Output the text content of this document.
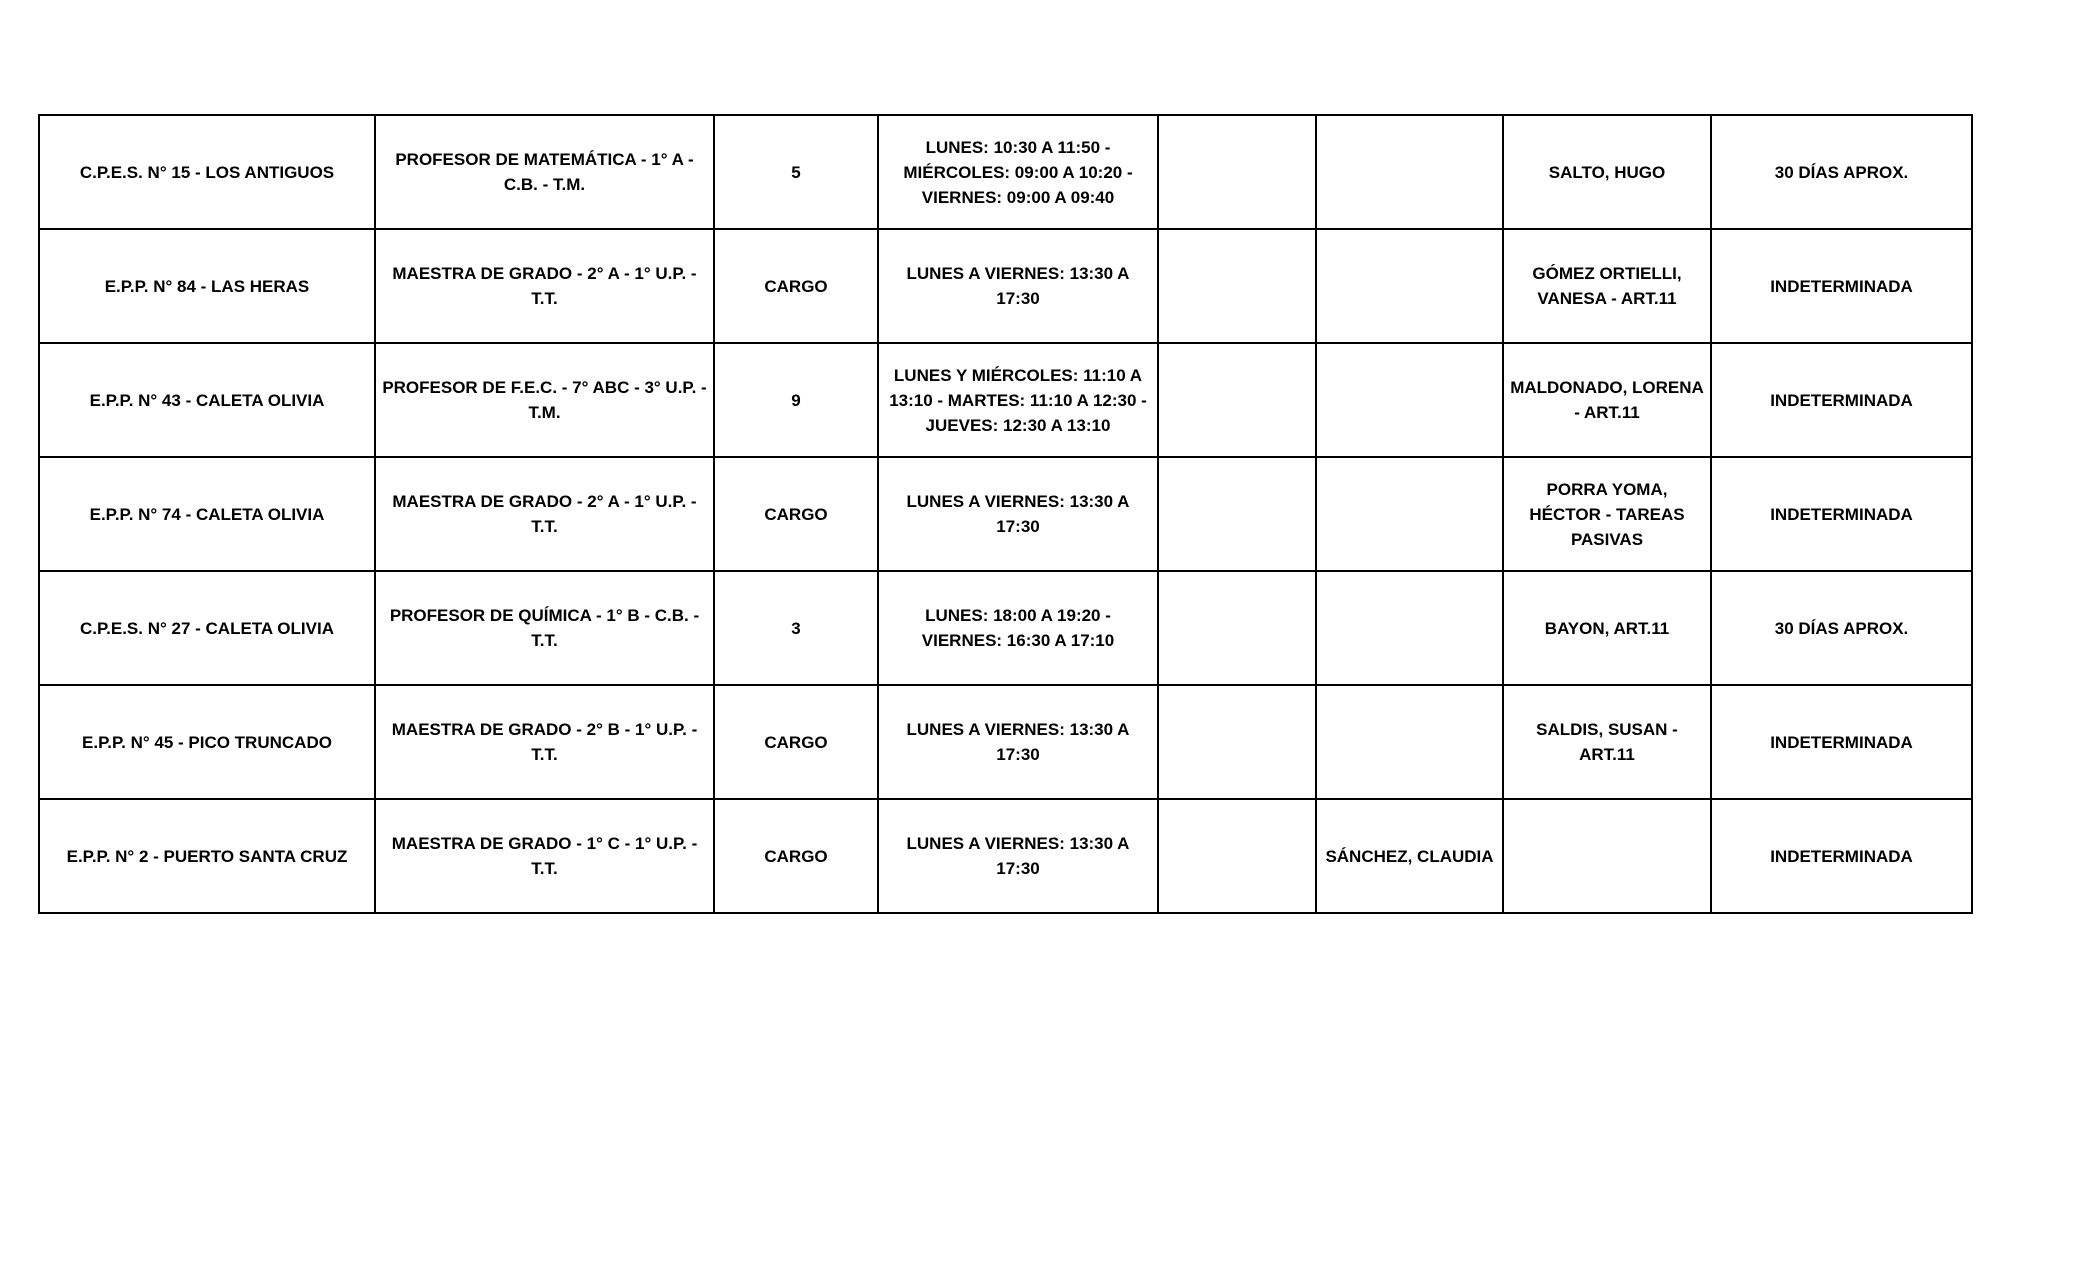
C.P.E.S. N° 15 - LOS ANTIGUOS	PROFESOR DE MATEMÁTICA - 1° A - C.B. - T.M.	5	LUNES: 10:30 A 11:50 - MIÉRCOLES: 09:00 A 10:20 - VIERNES: 09:00 A 09:40			SALTO, HUGO	30 DÍAS APROX.
E.P.P. N° 84 - LAS HERAS	MAESTRA DE GRADO - 2° A - 1° U.P. - T.T.	CARGO	LUNES A VIERNES: 13:30 A 17:30			GÓMEZ ORTIELLI, VANESA - ART.11	INDETERMINADA
E.P.P. N° 43 - CALETA OLIVIA	PROFESOR DE F.E.C. - 7° ABC - 3° U.P. - T.M.	9	LUNES Y MIÉRCOLES: 11:10 A 13:10 - MARTES: 11:10 A 12:30 - JUEVES: 12:30 A 13:10			MALDONADO, LORENA - ART.11	INDETERMINADA
E.P.P. N° 74 - CALETA OLIVIA	MAESTRA DE GRADO - 2° A - 1° U.P. - T.T.	CARGO	LUNES A VIERNES: 13:30 A 17:30			PORRA YOMA, HÉCTOR - TAREAS PASIVAS	INDETERMINADA
C.P.E.S. N° 27 - CALETA OLIVIA	PROFESOR DE QUÍMICA - 1° B - C.B. - T.T.	3	LUNES: 18:00 A 19:20 - VIERNES: 16:30 A 17:10			BAYON, ART.11	30 DÍAS APROX.
E.P.P. N° 45 - PICO TRUNCADO	MAESTRA DE GRADO - 2° B - 1° U.P. - T.T.	CARGO	LUNES A VIERNES: 13:30 A 17:30			SALDIS, SUSAN - ART.11	INDETERMINADA
E.P.P. N° 2 - PUERTO SANTA CRUZ	MAESTRA DE GRADO - 1° C - 1° U.P. - T.T.	CARGO	LUNES A VIERNES: 13:30 A 17:30		SÁNCHEZ, CLAUDIA		INDETERMINADA
